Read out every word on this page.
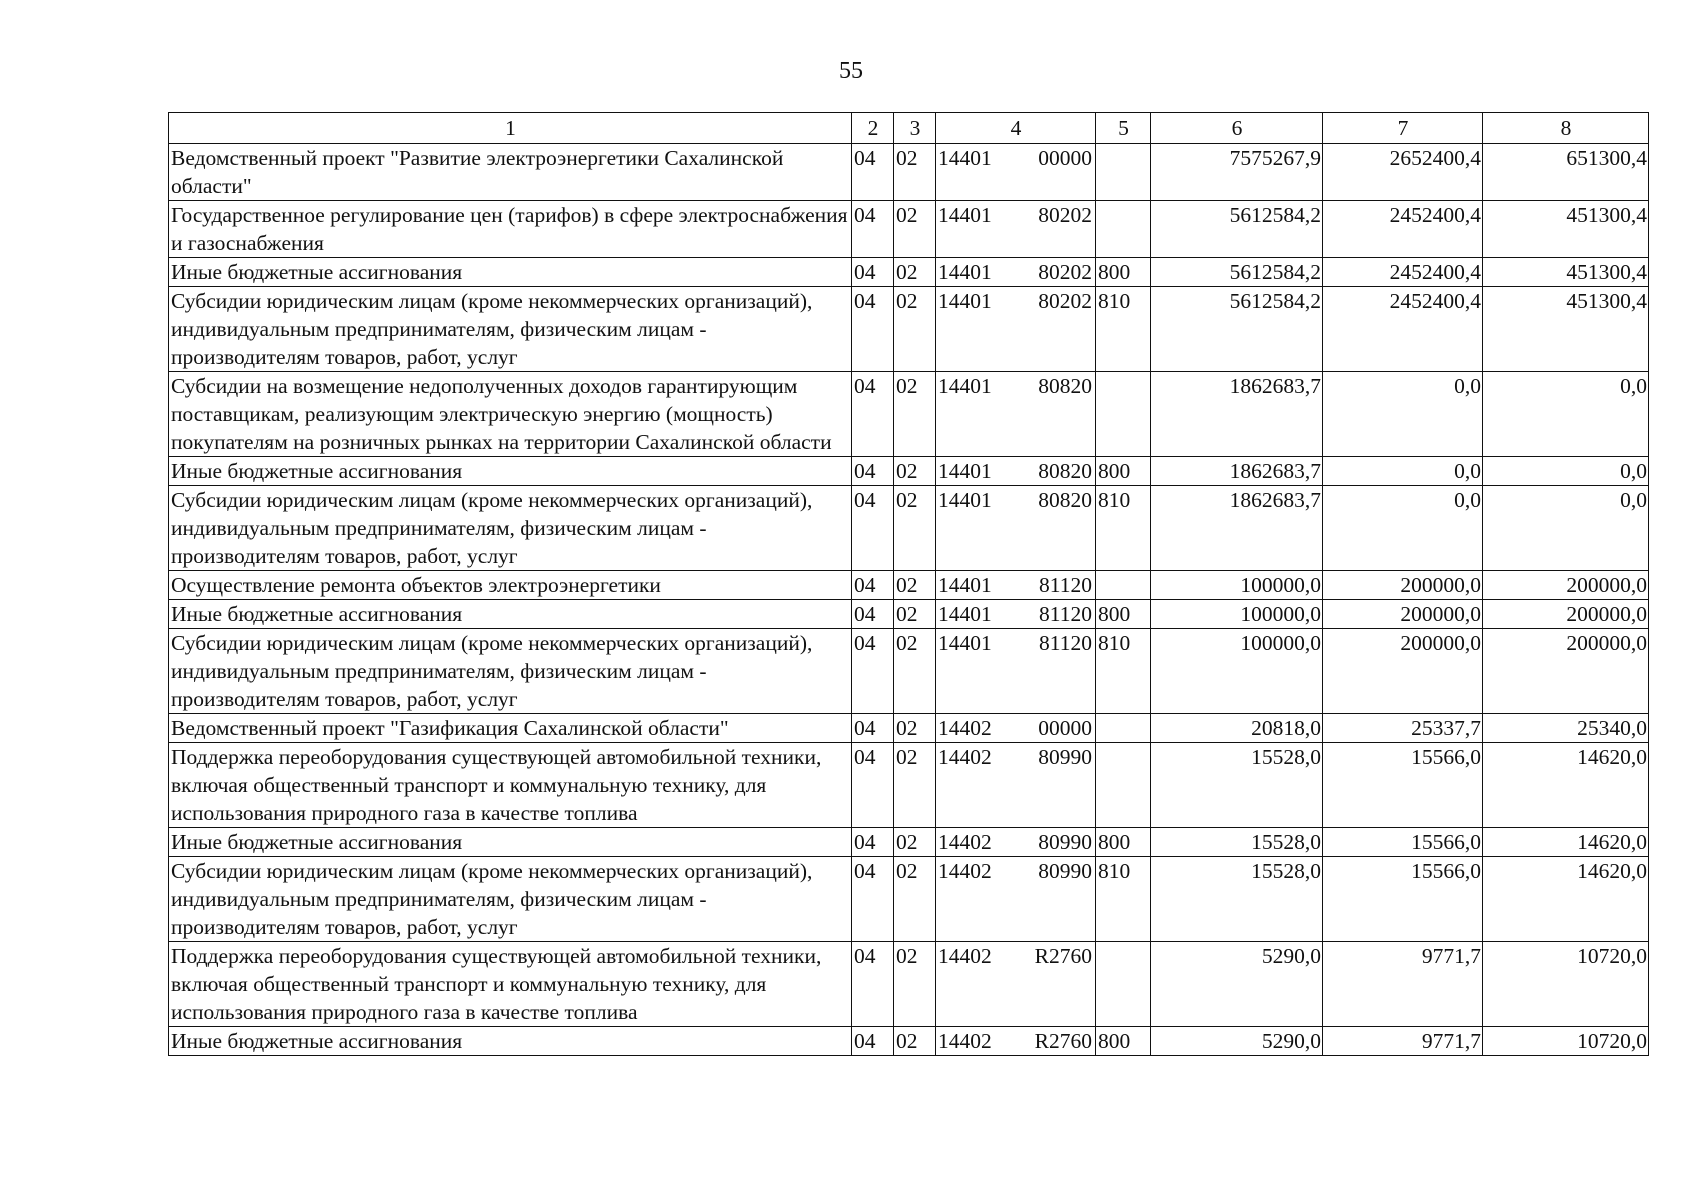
55
1	2	3	4	5	6	7	8
Ведомственный проект "Развитие электроэнергетики Сахалинской области"	04	02	14401 00000		7575267,9	2652400,4	651300,4
Государственное регулирование цен (тарифов) в сфере электроснабжения и газоснабжения	04	02	14401 80202		5612584,2	2452400,4	451300,4
Иные бюджетные ассигнования	04	02	14401 80202	800	5612584,2	2452400,4	451300,4
Субсидии юридическим лицам (кроме некоммерческих организаций), индивидуальным предпринимателям, физическим лицам - производителям товаров, работ, услуг	04	02	14401 80202	810	5612584,2	2452400,4	451300,4
Субсидии на возмещение недополученных доходов гарантирующим поставщикам, реализующим электрическую энергию (мощность) покупателям на розничных рынках на территории Сахалинской области	04	02	14401 80820		1862683,7	0,0	0,0
Иные бюджетные ассигнования	04	02	14401 80820	800	1862683,7	0,0	0,0
Субсидии юридическим лицам (кроме некоммерческих организаций), индивидуальным предпринимателям, физическим лицам - производителям товаров, работ, услуг	04	02	14401 80820	810	1862683,7	0,0	0,0
Осуществление ремонта объектов электроэнергетики	04	02	14401 81120		100000,0	200000,0	200000,0
Иные бюджетные ассигнования	04	02	14401 81120	800	100000,0	200000,0	200000,0
Субсидии юридическим лицам (кроме некоммерческих организаций), индивидуальным предпринимателям, физическим лицам - производителям товаров, работ, услуг	04	02	14401 81120	810	100000,0	200000,0	200000,0
Ведомственный проект "Газификация Сахалинской области"	04	02	14402 00000		20818,0	25337,7	25340,0
Поддержка переоборудования существующей автомобильной техники, включая общественный транспорт и коммунальную технику, для использования природного газа в качестве топлива	04	02	14402 80990		15528,0	15566,0	14620,0
Иные бюджетные ассигнования	04	02	14402 80990	800	15528,0	15566,0	14620,0
Субсидии юридическим лицам (кроме некоммерческих организаций), индивидуальным предпринимателям, физическим лицам - производителям товаров, работ, услуг	04	02	14402 80990	810	15528,0	15566,0	14620,0
Поддержка переоборудования существующей автомобильной техники, включая общественный транспорт и коммунальную технику, для использования природного газа в качестве топлива	04	02	14402 R2760		5290,0	9771,7	10720,0
Иные бюджетные ассигнования	04	02	14402 R2760	800	5290,0	9771,7	10720,0
